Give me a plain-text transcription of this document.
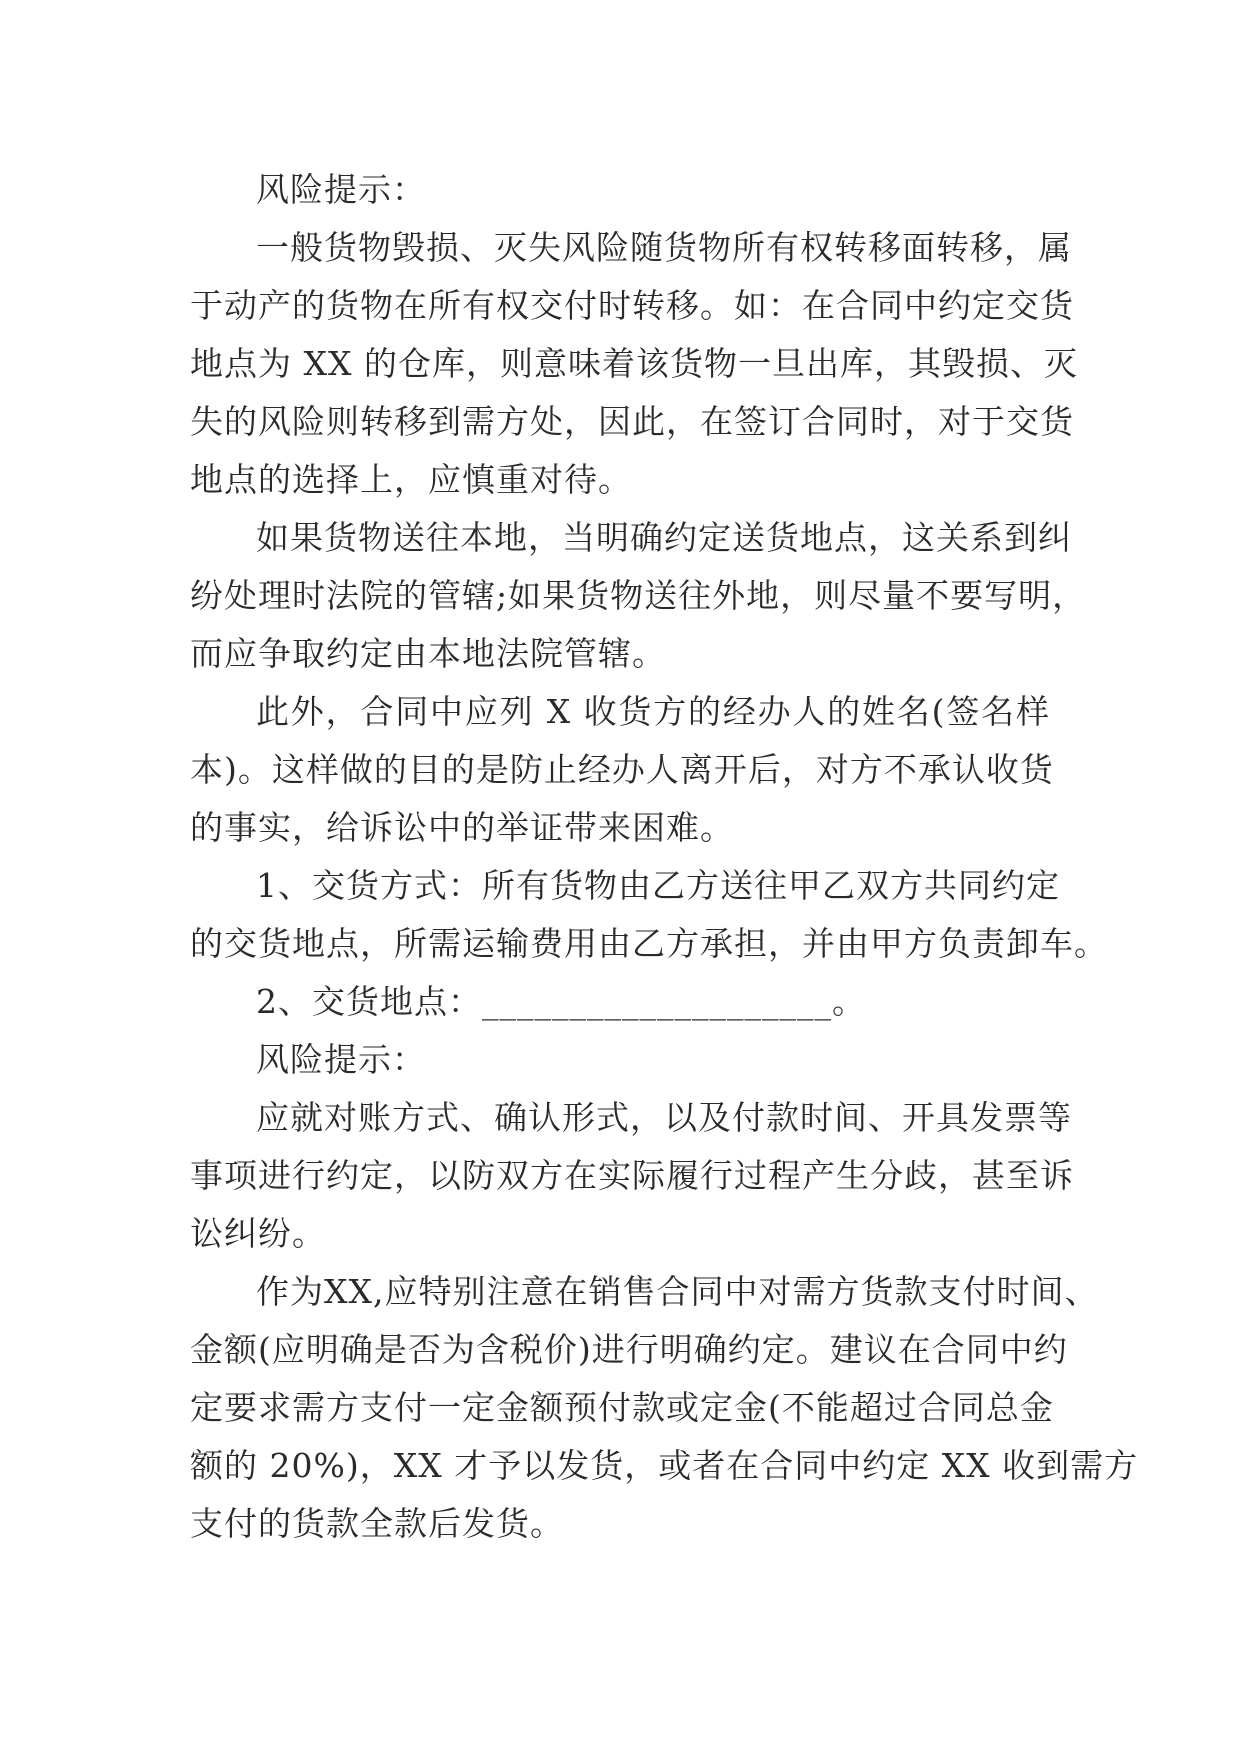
风险提示：
一般货物毁损、灭失风险随货物所有权转移面转移，属
于动产的货物在所有权交付时转移。如：在合同中约定交货
地点为 XX 的仓库，则意味着该货物一旦出库，其毁损、灭
失的风险则转移到需方处，因此，在签订合同时，对于交货
地点的选择上，应慎重对待。
如果货物送往本地，当明确约定送货地点，这关系到纠
纷处理时法院的管辖;如果货物送往外地，则尽量不要写明，
而应争取约定由本地法院管辖。
此外，合同中应列 X 收货方的经办人的姓名(签名样
本)。这样做的目的是防止经办人离开后，对方不承认收货
的事实，给诉讼中的举证带来困难。
1、交货方式：所有货物由乙方送往甲乙双方共同约定
的交货地点，所需运输费用由乙方承担，并由甲方负责卸车。
2、交货地点：____________________。
风险提示：
应就对账方式、确认形式，以及付款时间、开具发票等
事项进行约定，以防双方在实际履行过程产生分歧，甚至诉
讼纠纷。
作为XX,应特别注意在销售合同中对需方货款支付时间、
金额(应明确是否为含税价)进行明确约定。建议在合同中约
定要求需方支付一定金额预付款或定金(不能超过合同总金
额的 20%)，XX 才予以发货，或者在合同中约定 XX 收到需方
支付的货款全款后发货。
